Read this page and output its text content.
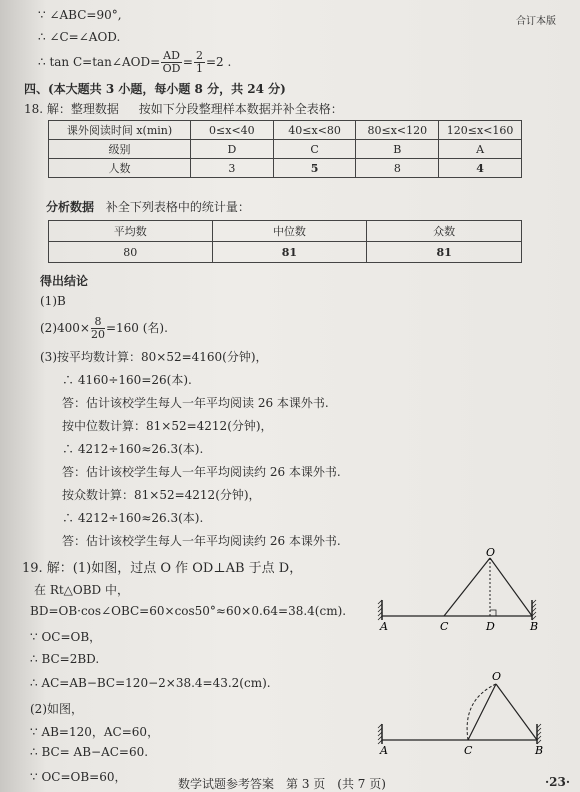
合订本版
∵ ∠ABC=90°,
∴ ∠C=∠AOD.
∴ tan C=tan∠AOD= $\frac{AD}{OD} = \frac{2}{1} =2$ .
四、(本大题共 3 小题，每小题 8 分，共 24 分)
18. 解：整理数据 按如下分段整理样本数据并补全表格：
课外阅读时间 x(min)	0≤x<40	40≤x<80	80≤x<120	120≤x<160
级别	D	C	B	A
人数	3	5	8	4
分析数据 补全下列表格中的统计量：
平均数	中位数	众数
80	81	81
得出结论
(1)B
$(2)400\times \frac{8}{20} =160$ (名).
(3)按平均数计算：80×52=4160(分钟)，
∴ 4160÷160=26(本).
答：估计该校学生每人一年平均阅读 26 本课外书.
按中位数计算：81×52=4212(分钟)，
∴ 4212÷160≈26.3(本).
答：估计该校学生每人一年平均阅读约 26 本课外书.
按众数计算：81×52=4212(分钟)，
∴ 4212÷160≈26.3(本).
答：估计该校学生每人一年平均阅读约 26 本课外书.
19. 解：(1)如图，过点 O 作 OD⊥AB 于点 D，
在 Rt△OBD 中，
BD=OB·cos∠OBC=60×cos50°≈60×0.64=38.4(cm).
∵ OC=OB，
∴ BC=2BD.
∴ AC=AB−BC=120−2×38.4=43.2(cm).
(2)如图，
∵ AB=120，AC=60，
∴ BC= AB−AC=60.
∵ OC=OB=60，
O
A	C	D	B
O
A	C	B
数学试题参考答案　第 3 页　(共 7 页)	·23·
